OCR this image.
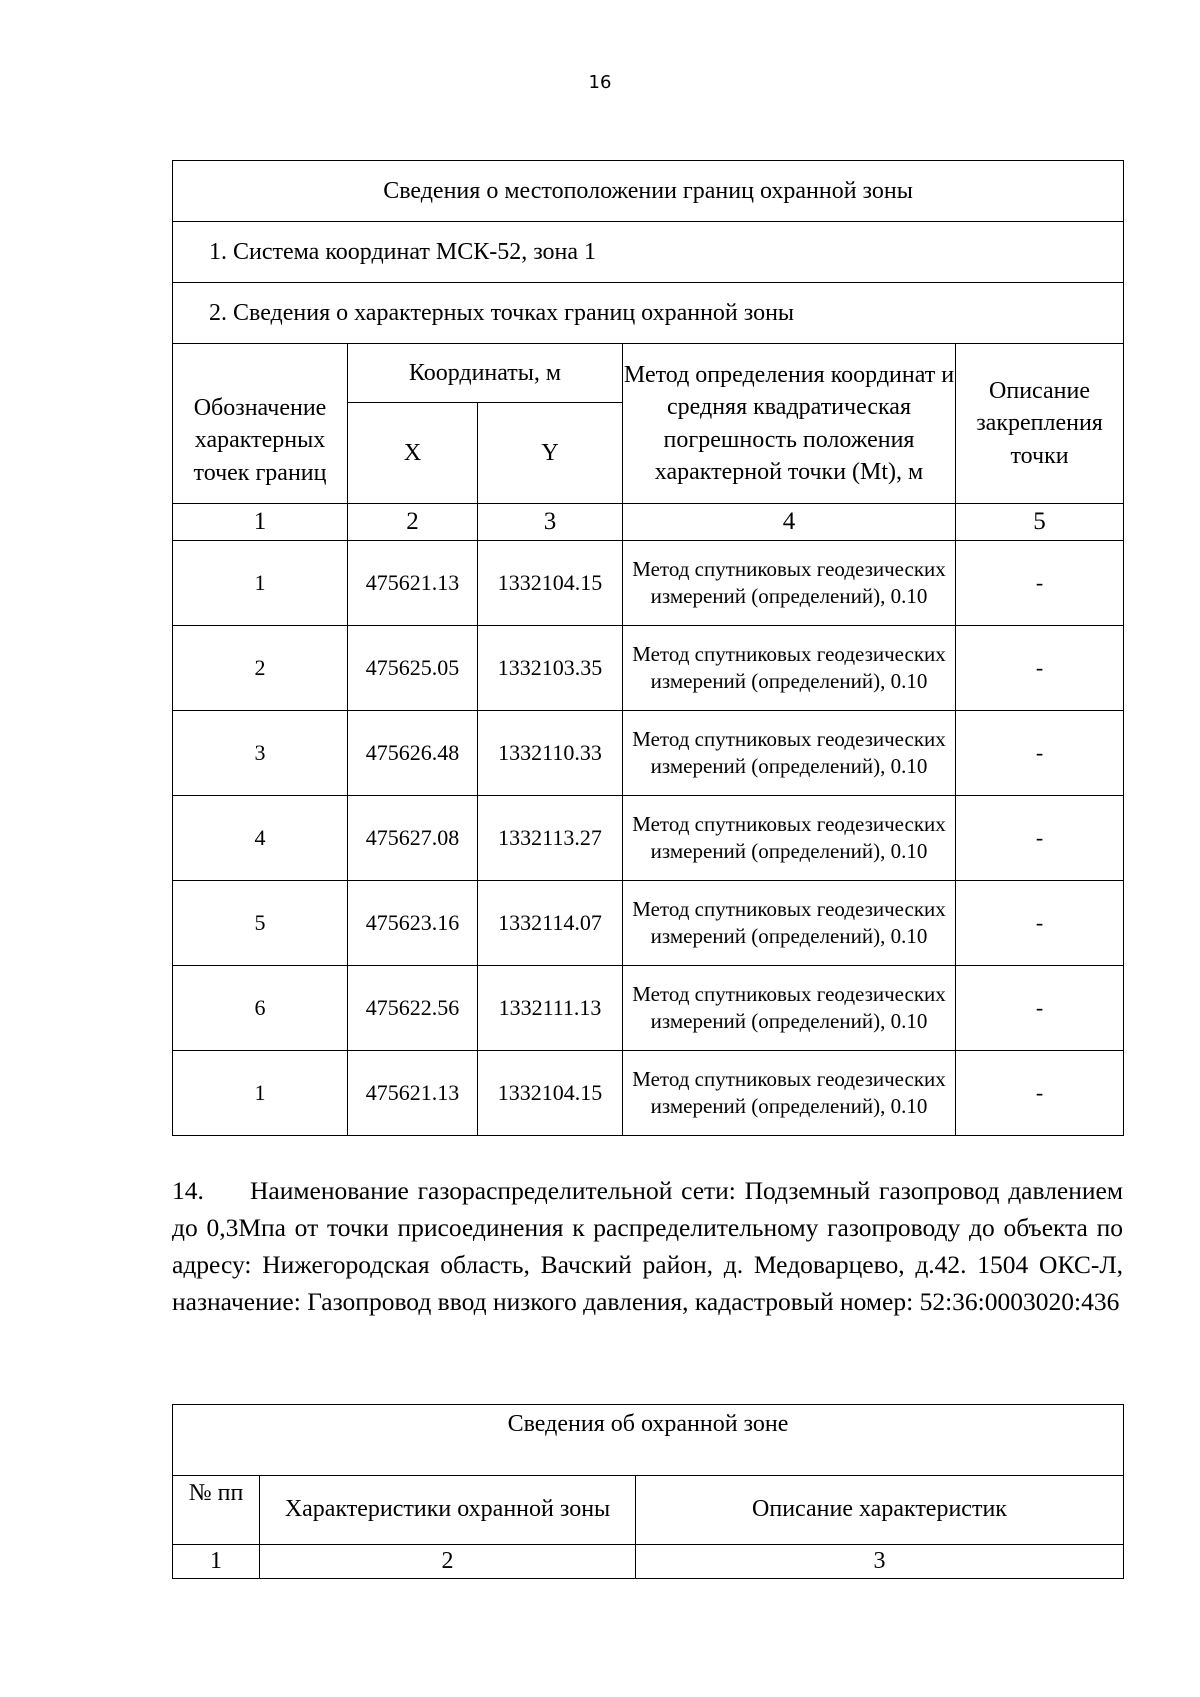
16
Сведения о местоположении границ охранной зоны				
1. Система координат МСК-52, зона 1				
2. Сведения о характерных точках границ охранной зоны				
Обозначение характерных точек границ	Координаты, м		Метод определения координат и средняя квадратическая погрешность положения характерной точки (Mt), м	Описание закрепления точки
	X	Y		
1	2	3	4	5
1	475621.13	1332104.15	Метод спутниковых геодезических измерений (определений), 0.10	-
2	475625.05	1332103.35	Метод спутниковых геодезических измерений (определений), 0.10	-
3	475626.48	1332110.33	Метод спутниковых геодезических измерений (определений), 0.10	-
4	475627.08	1332113.27	Метод спутниковых геодезических измерений (определений), 0.10	-
5	475623.16	1332114.07	Метод спутниковых геодезических измерений (определений), 0.10	-
6	475622.56	1332111.13	Метод спутниковых геодезических измерений (определений), 0.10	-
1	475621.13	1332104.15	Метод спутниковых геодезических измерений (определений), 0.10	-
14. Наименование газораспределительной сети: Подземный газопровод давлением до 0,3Мпа от точки присоединения к распределительному газопроводу до объекта по адресу: Нижегородская область, Вачский район, д. Медоварцево, д.42. 1504 ОКС-Л, назначение: Газопровод ввод низкого давления, кадастровый номер: 52:36:0003020:436
Сведения об охранной зоне		
№ пп	Характеристики охранной зоны	Описание характеристик
1	2	3
